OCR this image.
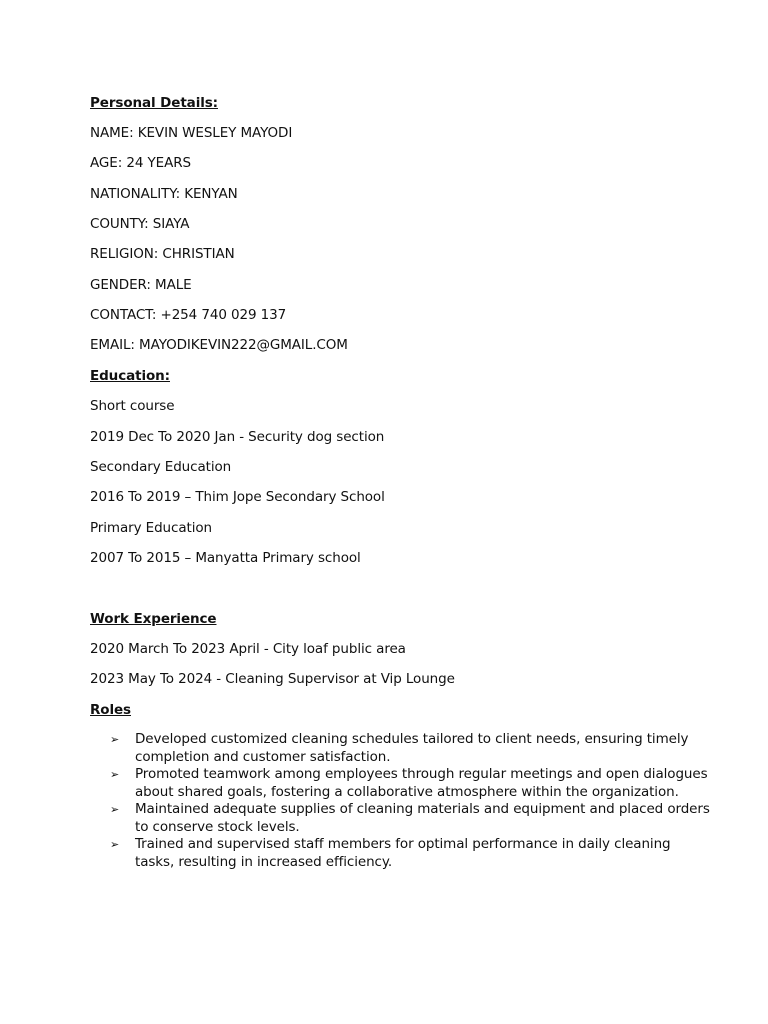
Personal Details:
NAME: KEVIN WESLEY MAYODI
AGE: 24 YEARS
NATIONALITY: KENYAN
COUNTY: SIAYA
RELIGION: CHRISTIAN
GENDER: MALE
CONTACT: +254 740 029 137
EMAIL: MAYODIKEVIN222@GMAIL.COM
Education:
Short course
2019 Dec To 2020 Jan - Security dog section
Secondary Education
2016 To 2019 – Thim Jope Secondary School
Primary Education
2007 To 2015 – Manyatta Primary school
Work Experience
2020 March To 2023 April - City loaf public area
2023 May To 2024 - Cleaning Supervisor at Vip Lounge
Roles
➢ Developed customized cleaning schedules tailored to client needs, ensuring timely completion and customer satisfaction.
➢ Promoted teamwork among employees through regular meetings and open dialogues about shared goals, fostering a collaborative atmosphere within the organization.
➢ Maintained adequate supplies of cleaning materials and equipment and placed orders to conserve stock levels.
➢ Trained and supervised staff members for optimal performance in daily cleaning tasks, resulting in increased efficiency.
